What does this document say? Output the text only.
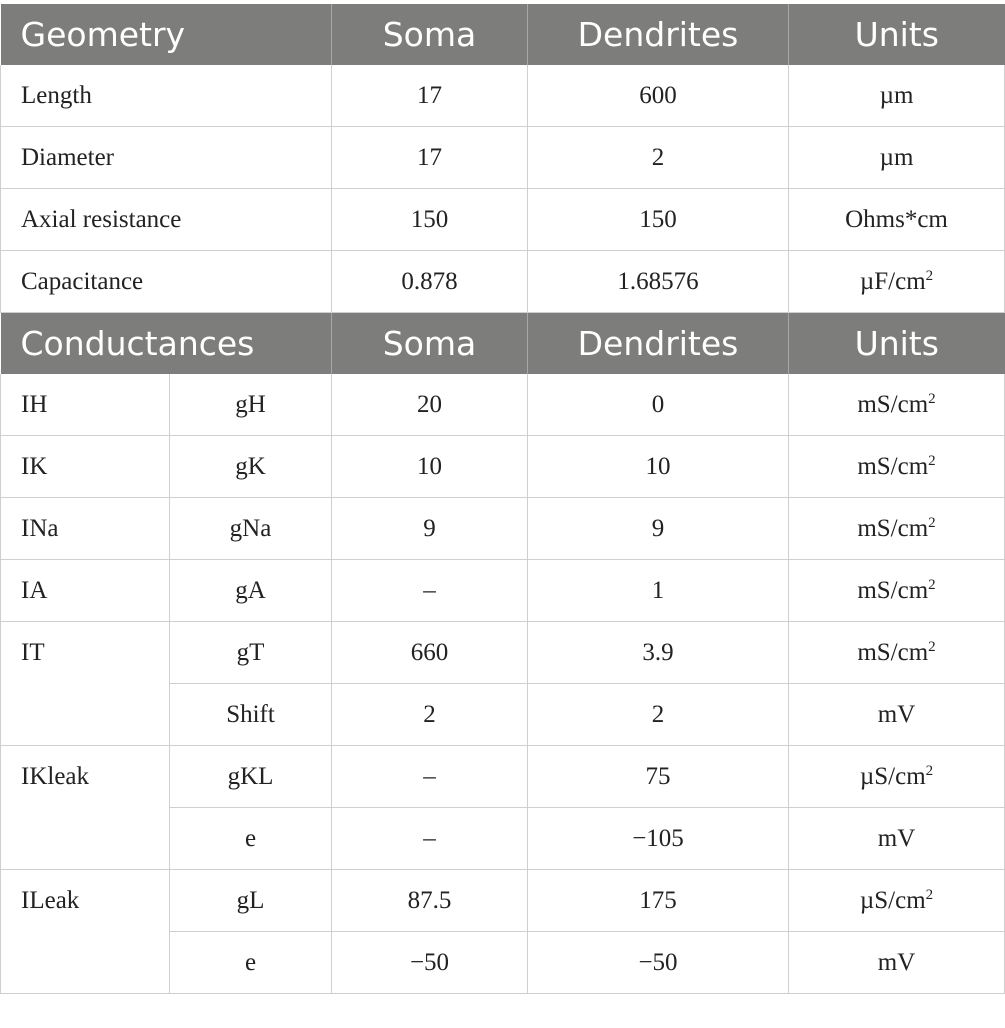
Geometry		Soma	Dendrites	Units
Length		17	600	µm
Diameter		17	2	µm
Axial resistance		150	150	Ohms*cm
Capacitance		0.878	1.68576	$\mu F/cm^2$
Conductances		Soma	Dendrites	Units
IH	gH	20	0	$mS/cm^2$
IK	gK	10	10	$mS/cm^2$
INa	gNa	9	9	$mS/cm^2$
IA	gA	–	1	$mS/cm^2$
IT	gT	660	3.9	$mS/cm^2$
	Shift	2	2	mV
IKleak	gKL	–	75	$\mu S/cm^2$
	e	–	−105	mV
ILeak	gL	87.5	175	$\mu S/cm^2$
	e	−50	−50	mV
